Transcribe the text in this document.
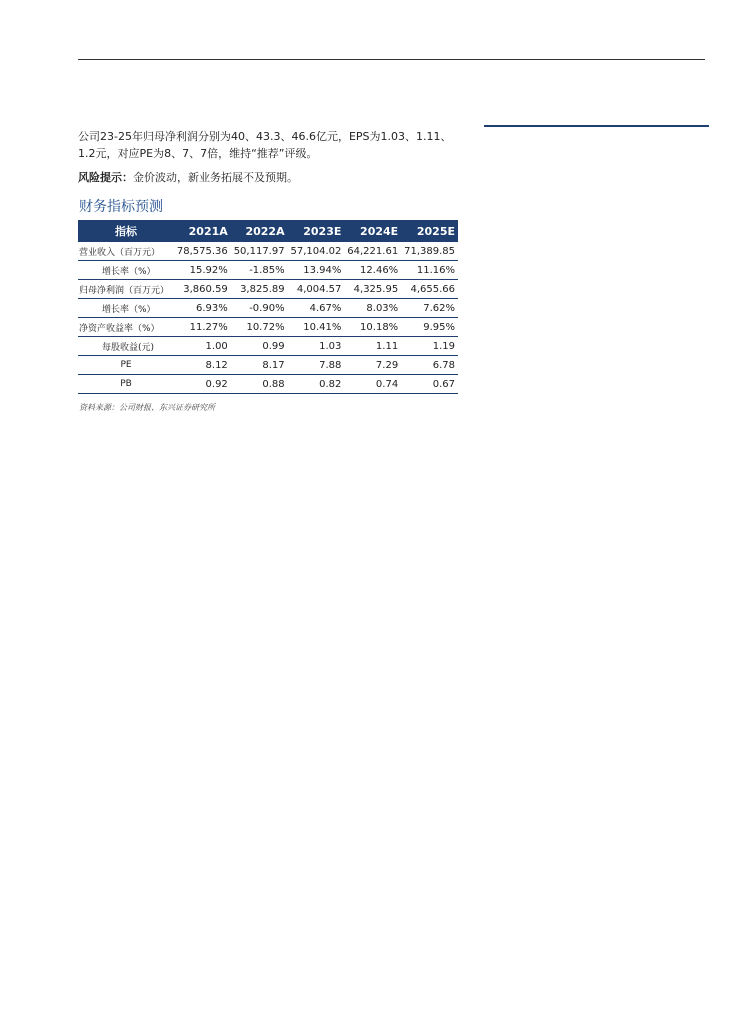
公司23-25年归母净利润分别为40、43.3、46.6亿元，EPS为1.03、1.11、
1.2元，对应PE为8、7、7倍，维持“推荐”评级。
风险提示：金价波动，新业务拓展不及预期。
财务指标预测
指标	2021A	2022A	2023E	2024E	2025E
营业收入（百万元）	78,575.36	50,117.97	57,104.02	64,221.61	71,389.85
增长率（%）	15.92%	-1.85%	13.94%	12.46%	11.16%
归母净利润（百万元）	3,860.59	3,825.89	4,004.57	4,325.95	4,655.66
增长率（%）	6.93%	-0.90%	4.67%	8.03%	7.62%
净资产收益率（%）	11.27%	10.72%	10.41%	10.18%	9.95%
每股收益(元)	1.00	0.99	1.03	1.11	1.19
PE	8.12	8.17	7.88	7.29	6.78
PB	0.92	0.88	0.82	0.74	0.67
资料来源：公司财报、东兴证券研究所
